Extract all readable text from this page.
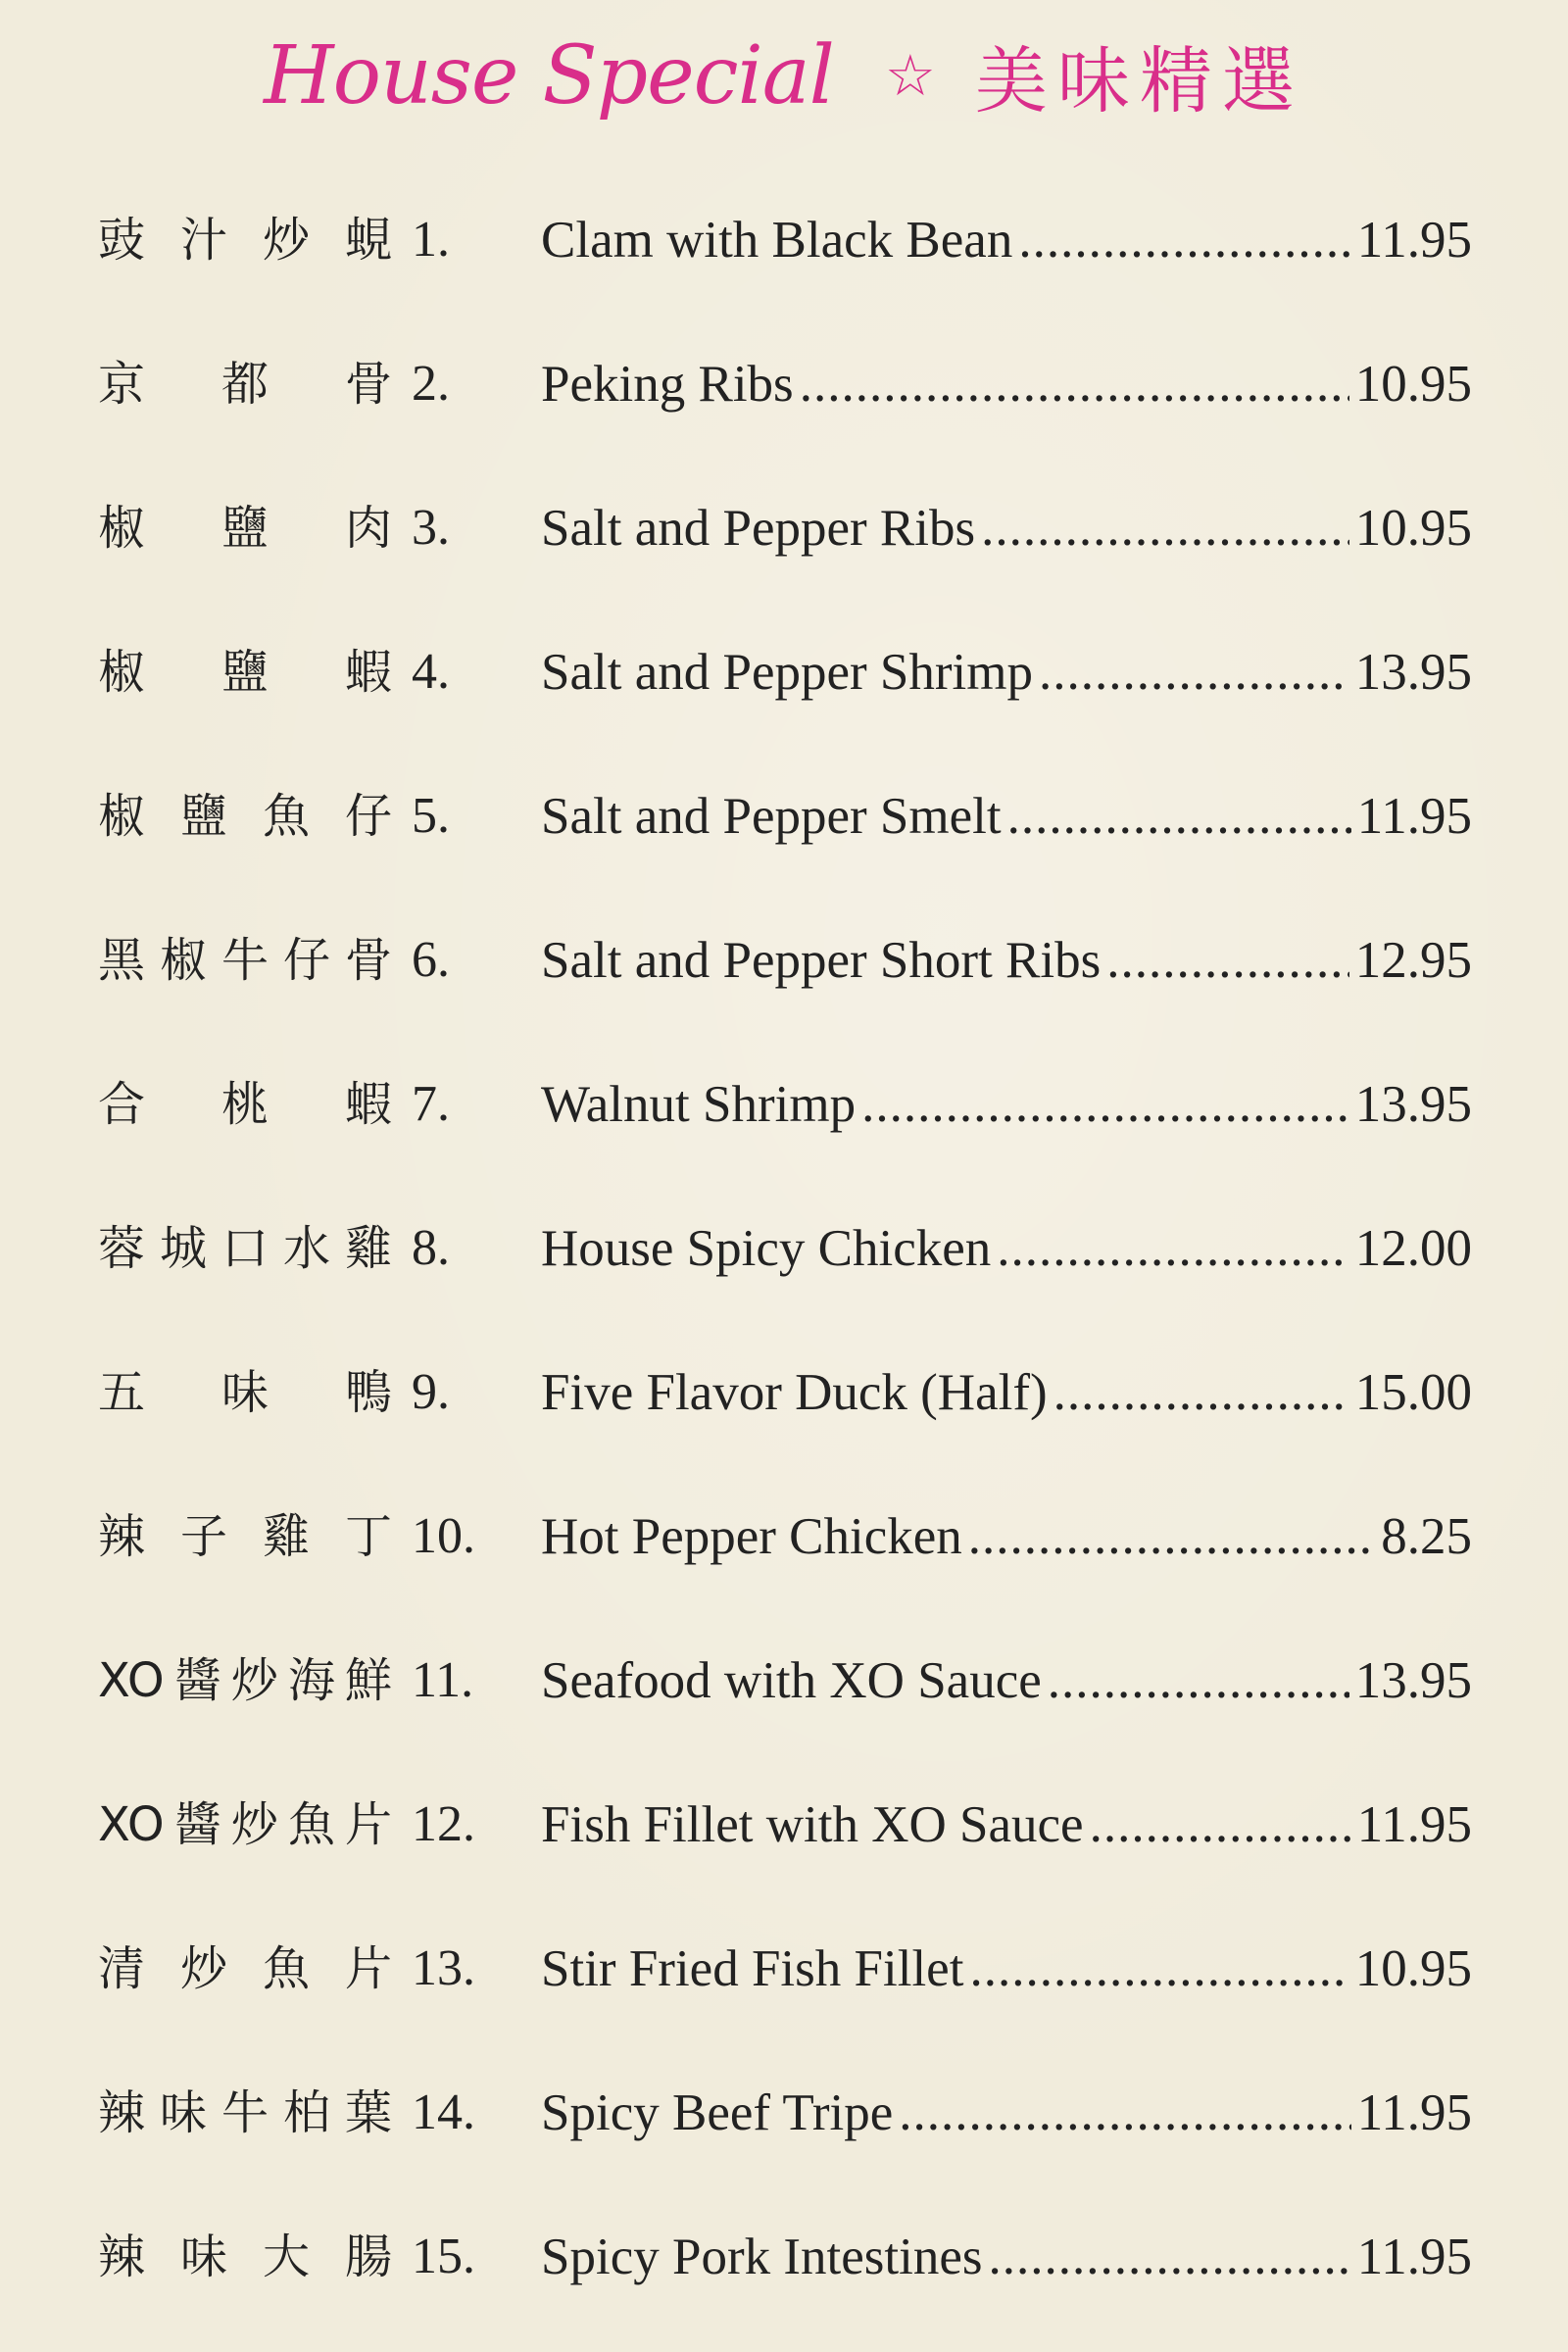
House Special ☆ 美味精選
豉 汁 炒 蜆 1.	Clam with Black Bean .....	11.95
京 都 骨 2.	Peking Ribs .....	10.95
椒 鹽 肉 3.	Salt and Pepper Ribs .....	10.95
椒 鹽 蝦 4.	Salt and Pepper Shrimp .....	13.95
椒 鹽 魚 仔 5.	Salt and Pepper Smelt .....	11.95
黑 椒 牛 仔 骨 6.	Salt and Pepper Short Ribs .....	12.95
合 桃 蝦 7.	Walnut Shrimp .....	13.95
蓉 城 口 水 雞 8.	House Spicy Chicken .....	12.00
五 味 鴨 9.	Five Flavor Duck (Half) .....	15.00
辣 子 雞 丁 10. Hot Pepper Chicken .....	8.25
XO 醬 炒 海 鮮 11.	Seafood with XO Sauce .....	13.95
XO 醬 炒 魚 片 12. Fish Fillet with XO Sauce .....	11.95
清 炒 魚 片 13. Stir Fried Fish Fillet .....	10.95
辣 味 牛 柏 葉 14. Spicy Beef Tripe .....	11.95
辣 味 大 腸 15. Spicy Pork Intestines .....	11.95
